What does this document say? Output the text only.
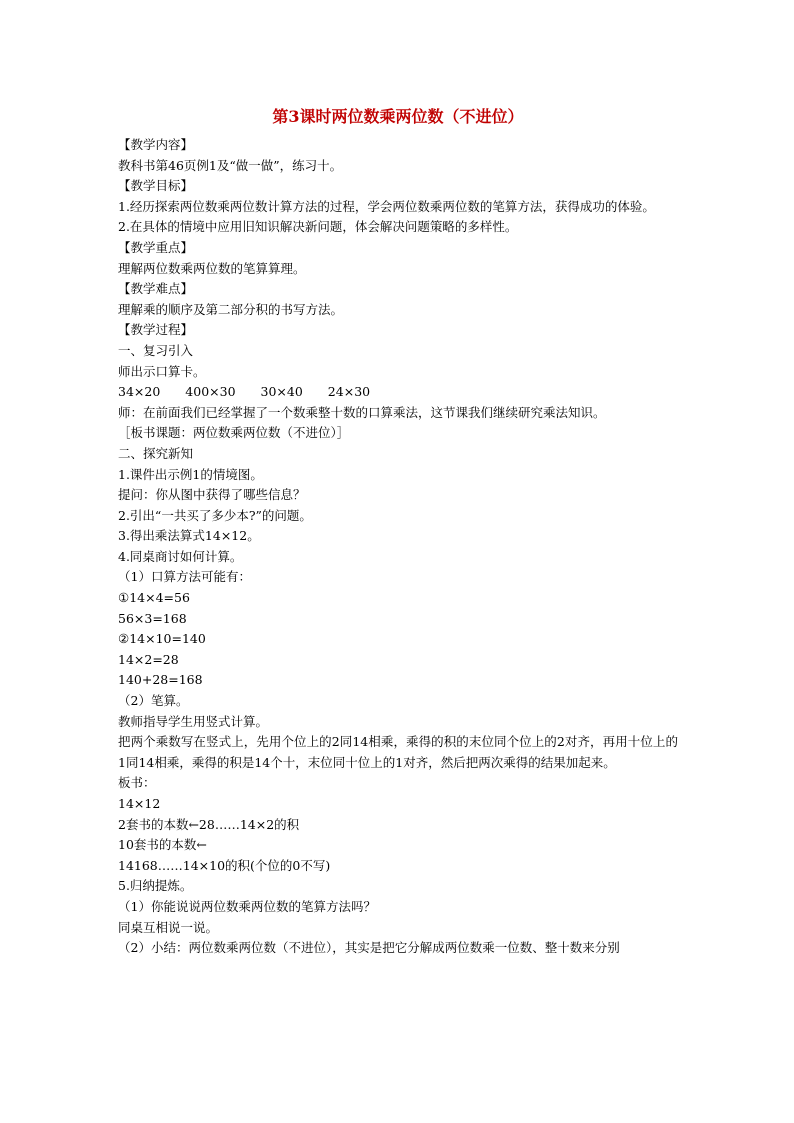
第3课时两位数乘两位数（不进位）

【教学内容】

教科书第46页例1及“做一做”，练习十。

【教学目标】

1.经历探索两位数乘两位数计算方法的过程，学会两位数乘两位数的笔算方法，获得成功的体验。

2.在具体的情境中应用旧知识解决新问题，体会解决问题策略的多样性。

【教学重点】

理解两位数乘两位数的笔算算理。

【教学难点】

理解乘的顺序及第二部分积的书写方法。

【教学过程】

一、复习引入

师出示口算卡。

34×20　　400×30　　30×40　　24×30

师：在前面我们已经掌握了一个数乘整十数的口算乘法，这节课我们继续研究乘法知识。

［板书课题：两位数乘两位数（不进位）］

二、探究新知

1.课件出示例1的情境图。

提问：你从图中获得了哪些信息？

2.引出“一共买了多少本?”的问题。

3.得出乘法算式14×12。

4.同桌商讨如何计算。

（1）口算方法可能有：

①14×4=56

56×3=168

②14×10=140

14×2=28

140+28=168

（2）笔算。

教师指导学生用竖式计算。

把两个乘数写在竖式上，先用个位上的2同14相乘，乘得的积的末位同个位上的2对齐，再用十位上的1同14相乘，乘得的积是14个十，末位同十位上的1对齐，然后把两次乘得的结果加起来。

板书：

14×12

2套书的本数←28……14×2的积

10套书的本数←

14168……14×10的积(个位的0不写)

5.归纳提炼。

（1）你能说说两位数乘两位数的笔算方法吗？

同桌互相说一说。

（2）小结：两位数乘两位数（不进位），其实是把它分解成两位数乘一位数、整十数来分别
